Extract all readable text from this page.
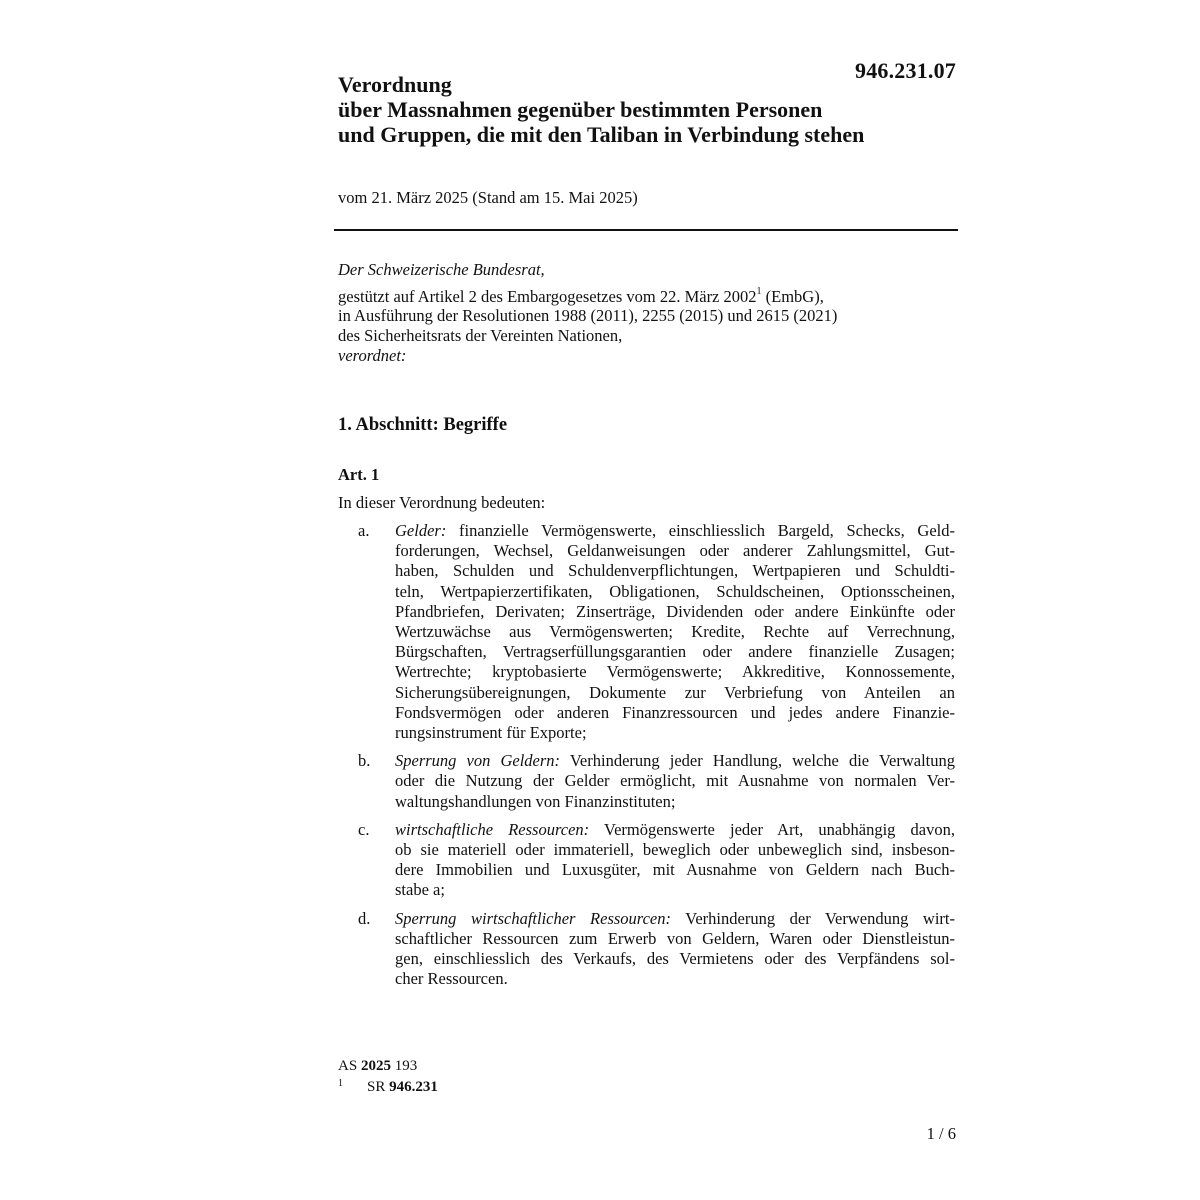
946.231.07
Verordnung
über Massnahmen gegenüber bestimmten Personen
und Gruppen, die mit den Taliban in Verbindung stehen
vom 21. März 2025 (Stand am 15. Mai 2025)
Der Schweizerische Bundesrat,
gestützt auf Artikel 2 des Embargogesetzes vom 22. März 2002$^1$ (EmbG),
in Ausführung der Resolutionen 1988 (2011), 2255 (2015) und 2615 (2021)
des Sicherheitsrats der Vereinten Nationen,
verordnet:
1. Abschnitt: Begriffe
Art. 1
In dieser Verordnung bedeuten:
a. Gelder: finanzielle Vermögenswerte, einschliesslich Bargeld, Schecks, Geld-
forderungen, Wechsel, Geldanweisungen oder anderer Zahlungsmittel, Gut-
haben, Schulden und Schuldenverpflichtungen, Wertpapieren und Schuldti-
teln, Wertpapierzertifikaten, Obligationen, Schuldscheinen, Optionsscheinen,
Pfandbriefen, Derivaten; Zinserträge, Dividenden oder andere Einkünfte oder
Wertzuwächse aus Vermögenswerten; Kredite, Rechte auf Verrechnung,
Bürgschaften, Vertragserfüllungsgarantien oder andere finanzielle Zusagen;
Wertrechte; kryptobasierte Vermögenswerte; Akkreditive, Konnossemente,
Sicherungsübereignungen, Dokumente zur Verbriefung von Anteilen an
Fondsvermögen oder anderen Finanzressourcen und jedes andere Finanzie-
rungsinstrument für Exporte;
b. Sperrung von Geldern: Verhinderung jeder Handlung, welche die Verwaltung
oder die Nutzung der Gelder ermöglicht, mit Ausnahme von normalen Ver-
waltungshandlungen von Finanzinstituten;
c. wirtschaftliche Ressourcen: Vermögenswerte jeder Art, unabhängig davon,
ob sie materiell oder immateriell, beweglich oder unbeweglich sind, insbeson-
dere Immobilien und Luxusgüter, mit Ausnahme von Geldern nach Buch-
stabe a;
d. Sperrung wirtschaftlicher Ressourcen: Verhinderung der Verwendung wirt-
schaftlicher Ressourcen zum Erwerb von Geldern, Waren oder Dienstleistun-
gen, einschliesslich des Verkaufs, des Vermietens oder des Verpfändens sol-
cher Ressourcen.
AS 2025 193
$^1$ SR 946.231
1 / 6
